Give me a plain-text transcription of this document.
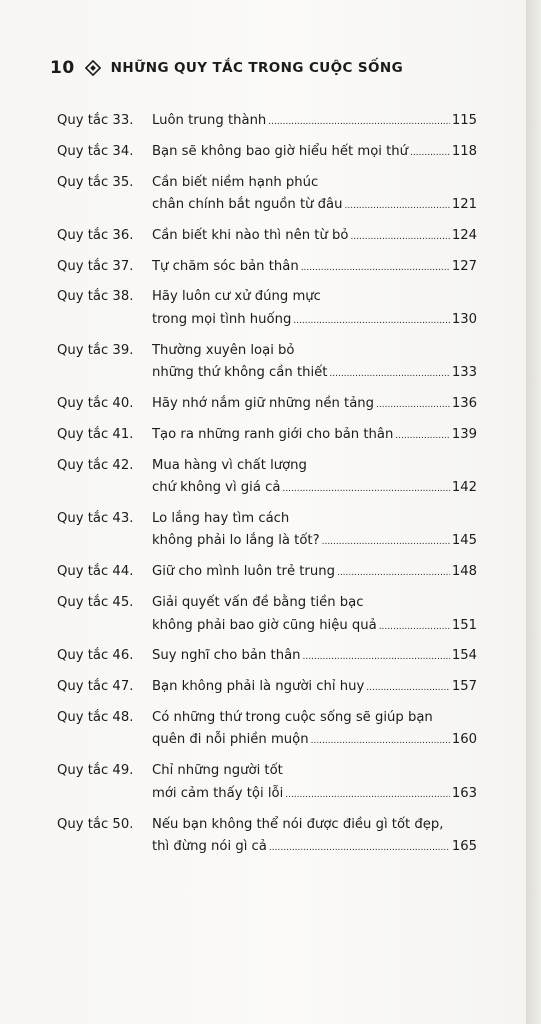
10	NHỮNG QUY TẮC TRONG CUỘC SỐNG
Quy tắc 33.	Luôn trung thành .....	115
Quy tắc 34.	Bạn sẽ không bao giờ hiểu hết mọi thứ .....	118
Quy tắc 35.	Cần biết niềm hạnh phúc
chân chính bắt nguồn từ đâu .....	121
Quy tắc 36.	Cần biết khi nào thì nên từ bỏ .....	124
Quy tắc 37.	Tự chăm sóc bản thân .....	127
Quy tắc 38.	Hãy luôn cư xử đúng mực
trong mọi tình huống .....	130
Quy tắc 39.	Thường xuyên loại bỏ
những thứ không cần thiết .....	133
Quy tắc 40.	Hãy nhớ nắm giữ những nền tảng .....	136
Quy tắc 41.	Tạo ra những ranh giới cho bản thân .....	139
Quy tắc 42.	Mua hàng vì chất lượng
chứ không vì giá cả .....	142
Quy tắc 43.	Lo lắng hay tìm cách
không phải lo lắng là tốt? .....	145
Quy tắc 44.	Giữ cho mình luôn trẻ trung .....	148
Quy tắc 45.	Giải quyết vấn đề bằng tiền bạc
không phải bao giờ cũng hiệu quả .....	151
Quy tắc 46.	Suy nghĩ cho bản thân .....	154
Quy tắc 47.	Bạn không phải là người chỉ huy .....	157
Quy tắc 48.	Có những thứ trong cuộc sống sẽ giúp bạn
quên đi nỗi phiền muộn .....	160
Quy tắc 49.	Chỉ những người tốt
mới cảm thấy tội lỗi .....	163
Quy tắc 50.	Nếu bạn không thể nói được điều gì tốt đẹp,
thì đừng nói gì cả .....	165
